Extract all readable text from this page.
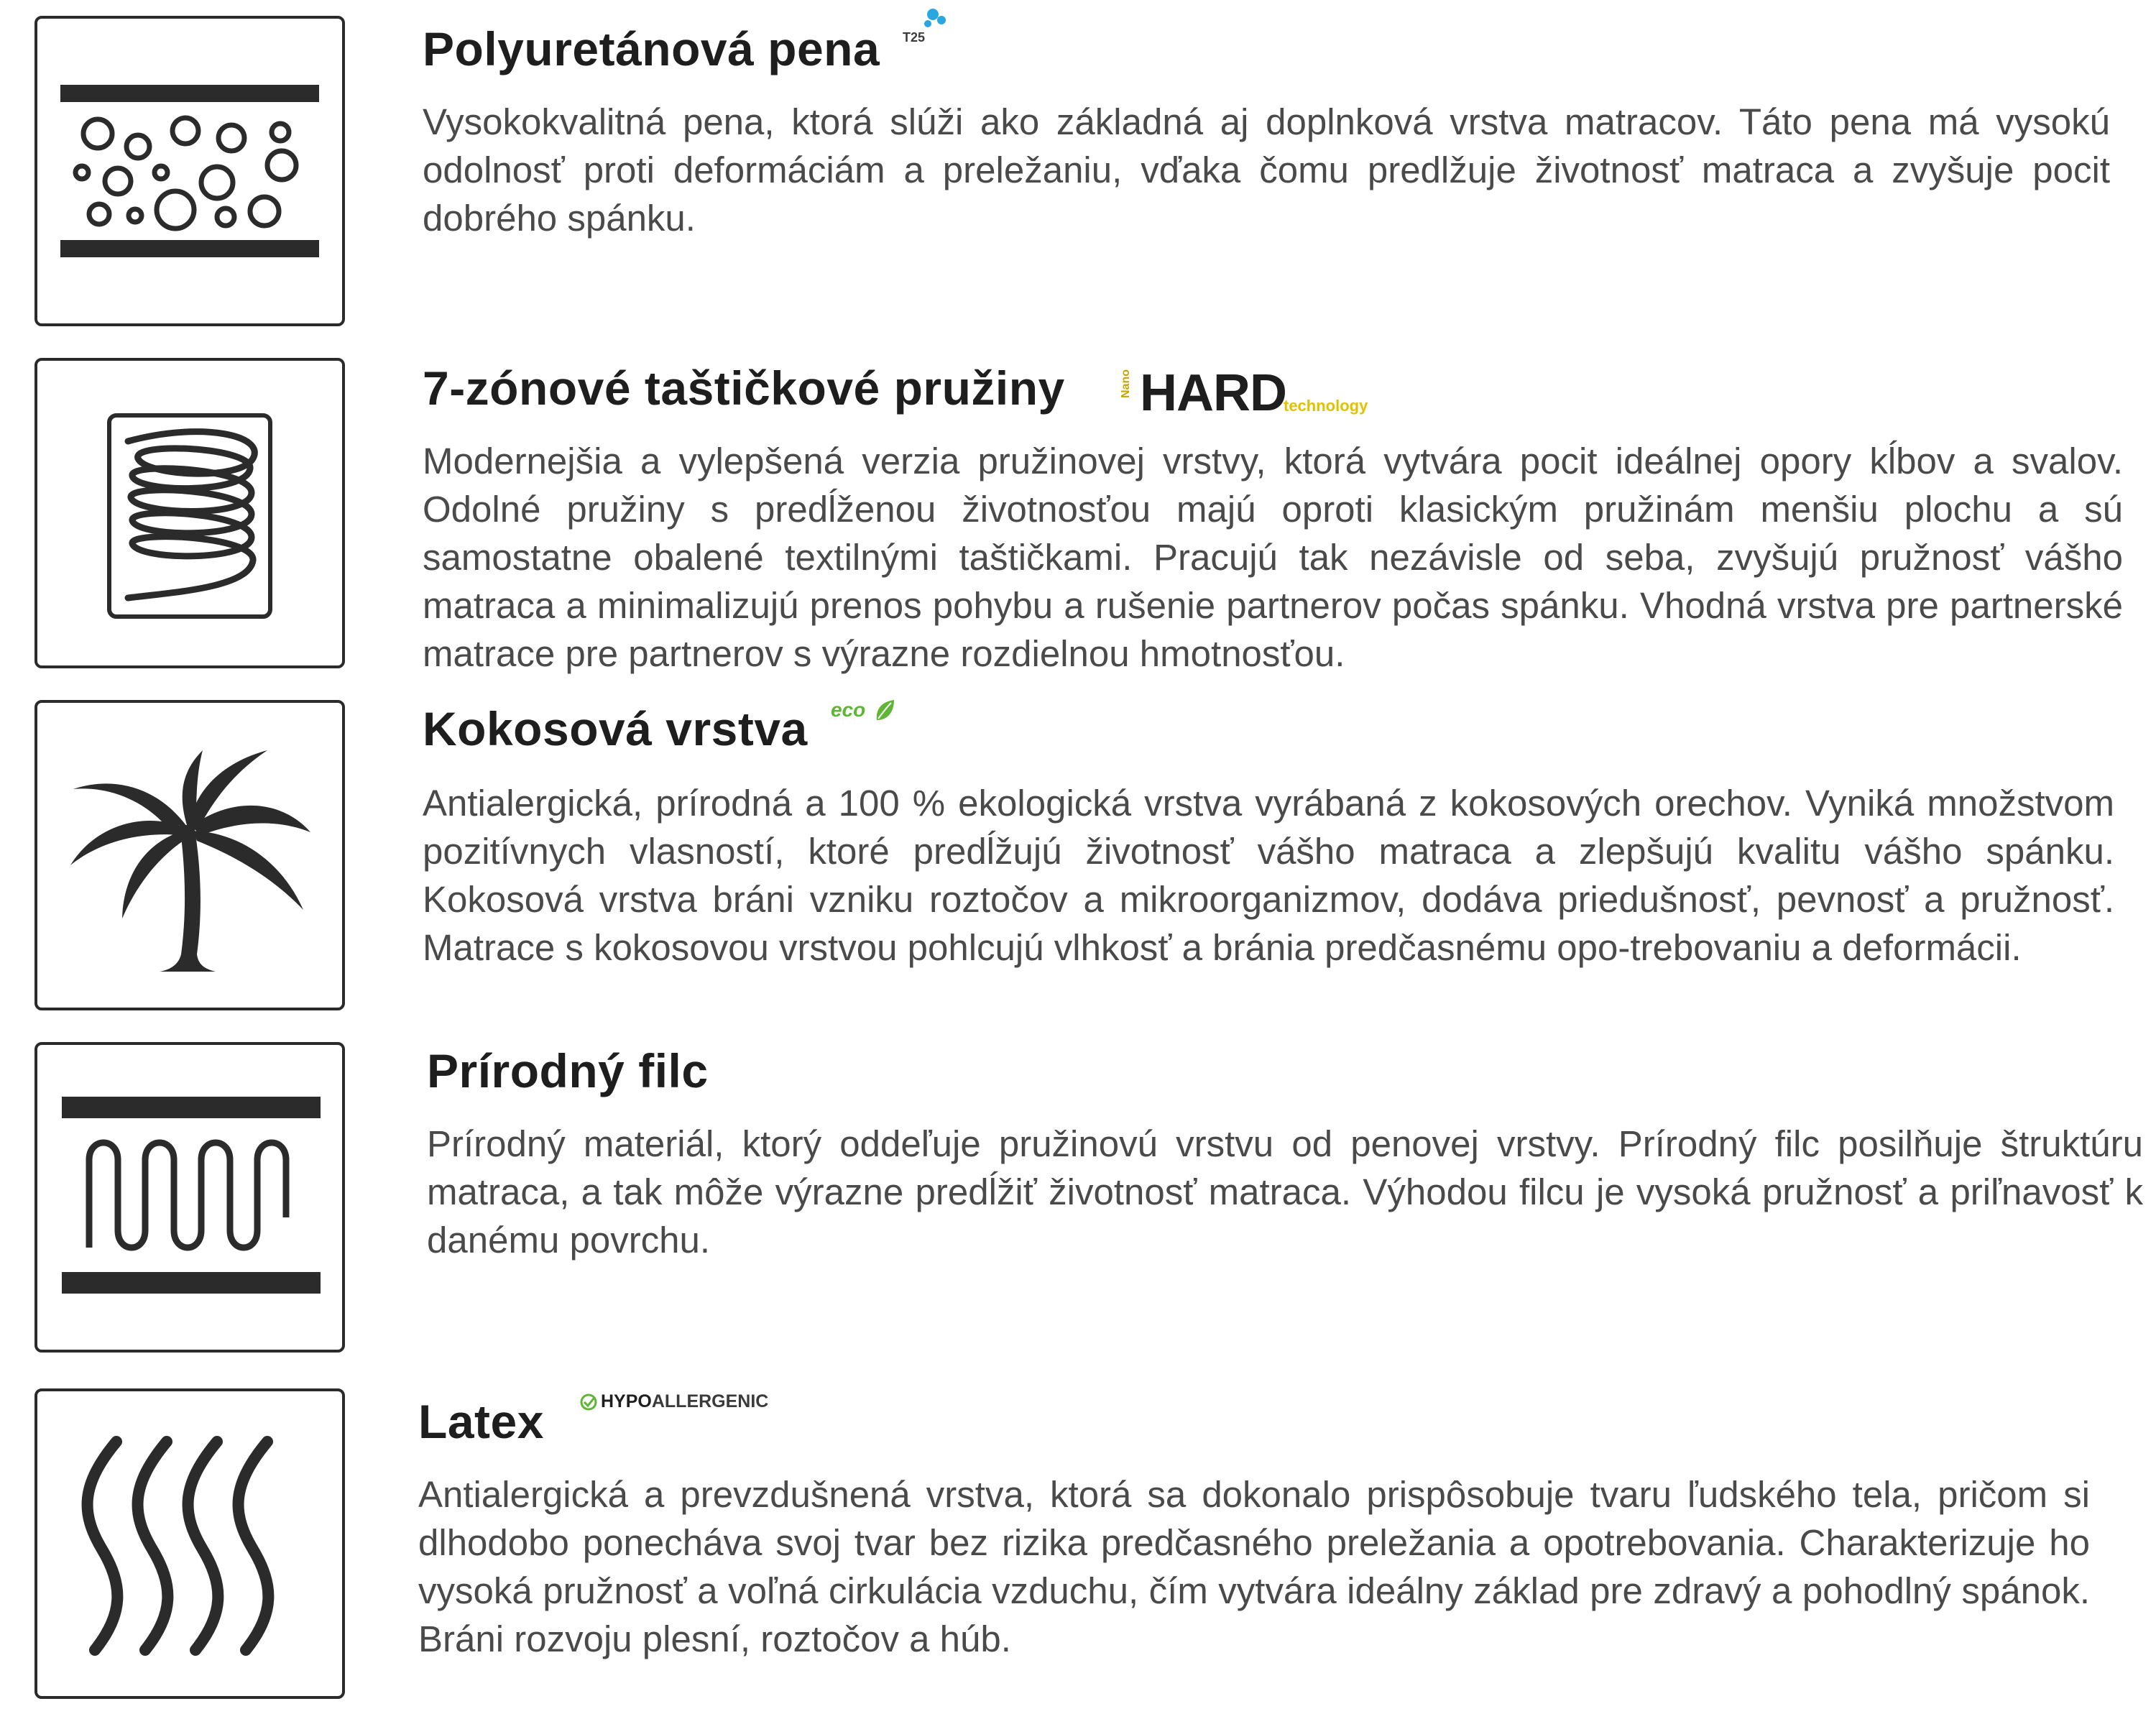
Polyuretánová pena T25

Vysokokvalitná pena, ktorá slúži ako základná aj doplnková vrstva matracov. Táto pena má vysokú odolnosť proti deformáciám a preležaniu, vďaka čomu predlžuje životnosť matraca a zvyšuje pocit dobrého spánku.

7-zónové taštičkové pružiny	Nano HARD
technology

Modernejšia a vylepšená verzia pružinovej vrstvy, ktorá vytvára pocit ideálnej opory kĺbov a svalov. Odolné pružiny s predĺženou životnosťou majú oproti klasickým pružinám menšiu plochu a sú samostatne obalené textilnými taštičkami. Pracujú tak nezávisle od seba, zvyšujú pružnosť vášho matraca a minimalizujú prenos pohybu a rušenie partnerov počas spánku. Vhodná vrstva pre partnerské matrace pre partnerov s výrazne rozdielnou hmotnosťou.

Kokosová vrstva eco

Antialergická, prírodná a 100 % ekologická vrstva vyrábaná z kokosových orechov. Vyniká množstvom pozitívnych vlasností, ktoré predĺžujú životnosť vášho matraca a zlepšujú kvalitu vášho spánku. Kokosová vrstva bráni vzniku roztočov a mikroorganizmov, dodáva priedušnosť, pevnosť a pružnosť. Matrace s kokosovou vrstvou pohlcujú vlhkosť a bránia predčasnému opo-trebovaniu a deformácii.

Prírodný filc

Prírodný materiál, ktorý oddeľuje pružinovú vrstvu od penovej vrstvy. Prírodný filc posilňuje štruktúru matraca, a tak môže výrazne predĺžiť životnosť matraca. Výhodou filcu je vysoká pružnosť a priľnavosť k danému povrchu.

Latex	HYPOALLERGENIC

Antialergická a prevzdušnená vrstva, ktorá sa dokonalo prispôsobuje tvaru ľudského tela, pričom si dlhodobo ponecháva svoj tvar bez rizika predčasného preležania a opotrebovania. Charakterizuje ho vysoká pružnosť a voľná cirkulácia vzduchu, čím vytvára ideálny základ pre zdravý a pohodlný spánok. Bráni rozvoju plesní, roztočov a húb.
